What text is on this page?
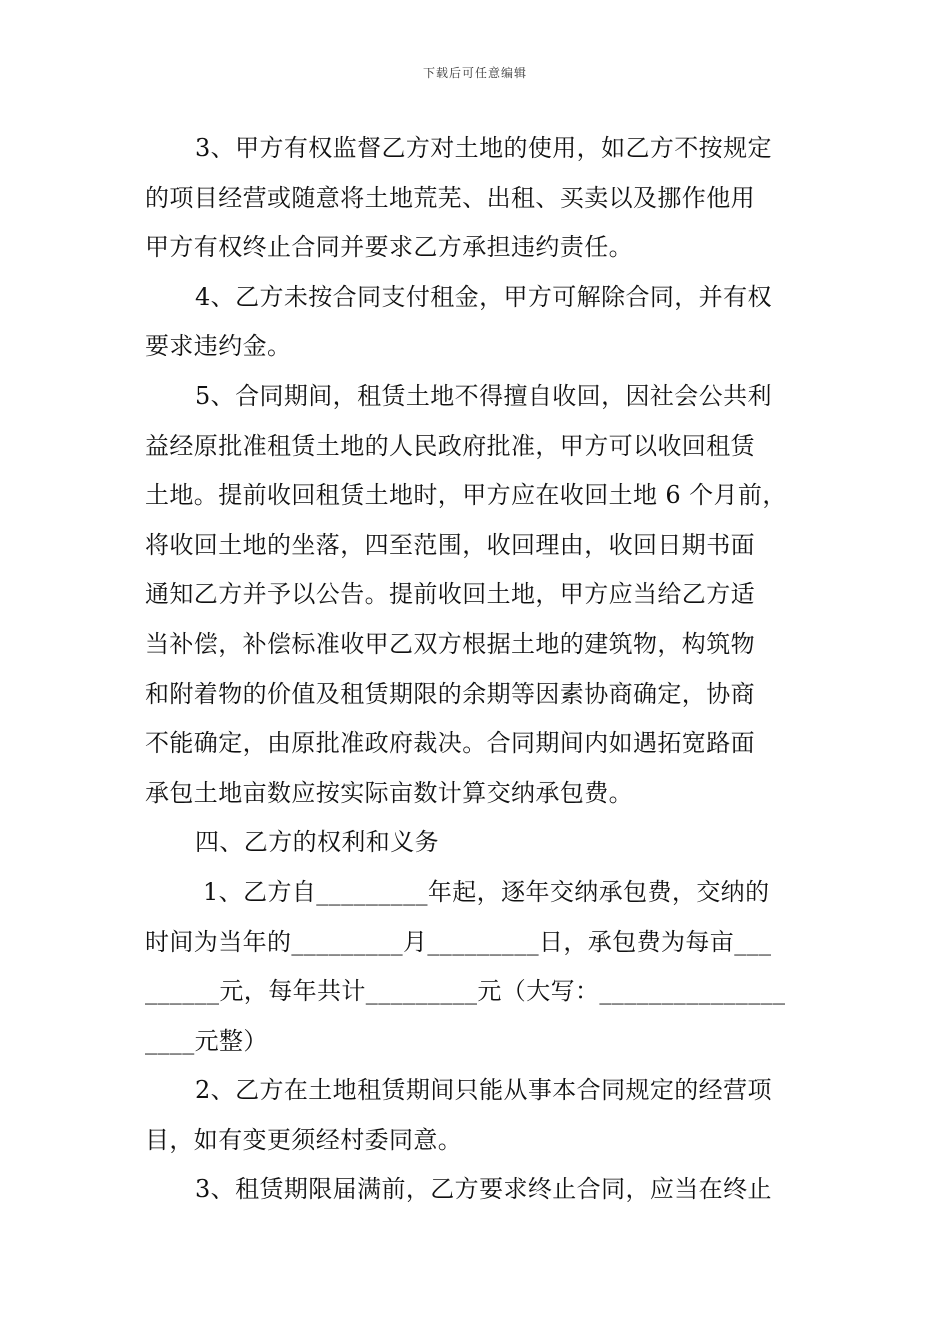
下载后可任意编辑
3、甲方有权监督乙方对土地的使用，如乙方不按规定
的项目经营或随意将土地荒芜、出租、买卖以及挪作他用
甲方有权终止合同并要求乙方承担违约责任。
4、乙方未按合同支付租金，甲方可解除合同，并有权
要求违约金。
5、合同期间，租赁土地不得擅自收回，因社会公共利
益经原批准租赁土地的人民政府批准，甲方可以收回租赁
土地。提前收回租赁土地时，甲方应在收回土地 6 个月前，
将收回土地的坐落，四至范围，收回理由，收回日期书面
通知乙方并予以公告。提前收回土地，甲方应当给乙方适
当补偿，补偿标准收甲乙双方根据土地的建筑物，构筑物
和附着物的价值及租赁期限的余期等因素协商确定，协商
不能确定，由原批准政府裁决。合同期间内如遇拓宽路面
承包土地亩数应按实际亩数计算交纳承包费。
四、乙方的权利和义务
1、乙方自_________年起，逐年交纳承包费，交纳的
时间为当年的_________月_________日，承包费为每亩___
______元，每年共计_________元（大写：_______________
____元整）
2、乙方在土地租赁期间只能从事本合同规定的经营项
目，如有变更须经村委同意。
3、租赁期限届满前，乙方要求终止合同，应当在终止
